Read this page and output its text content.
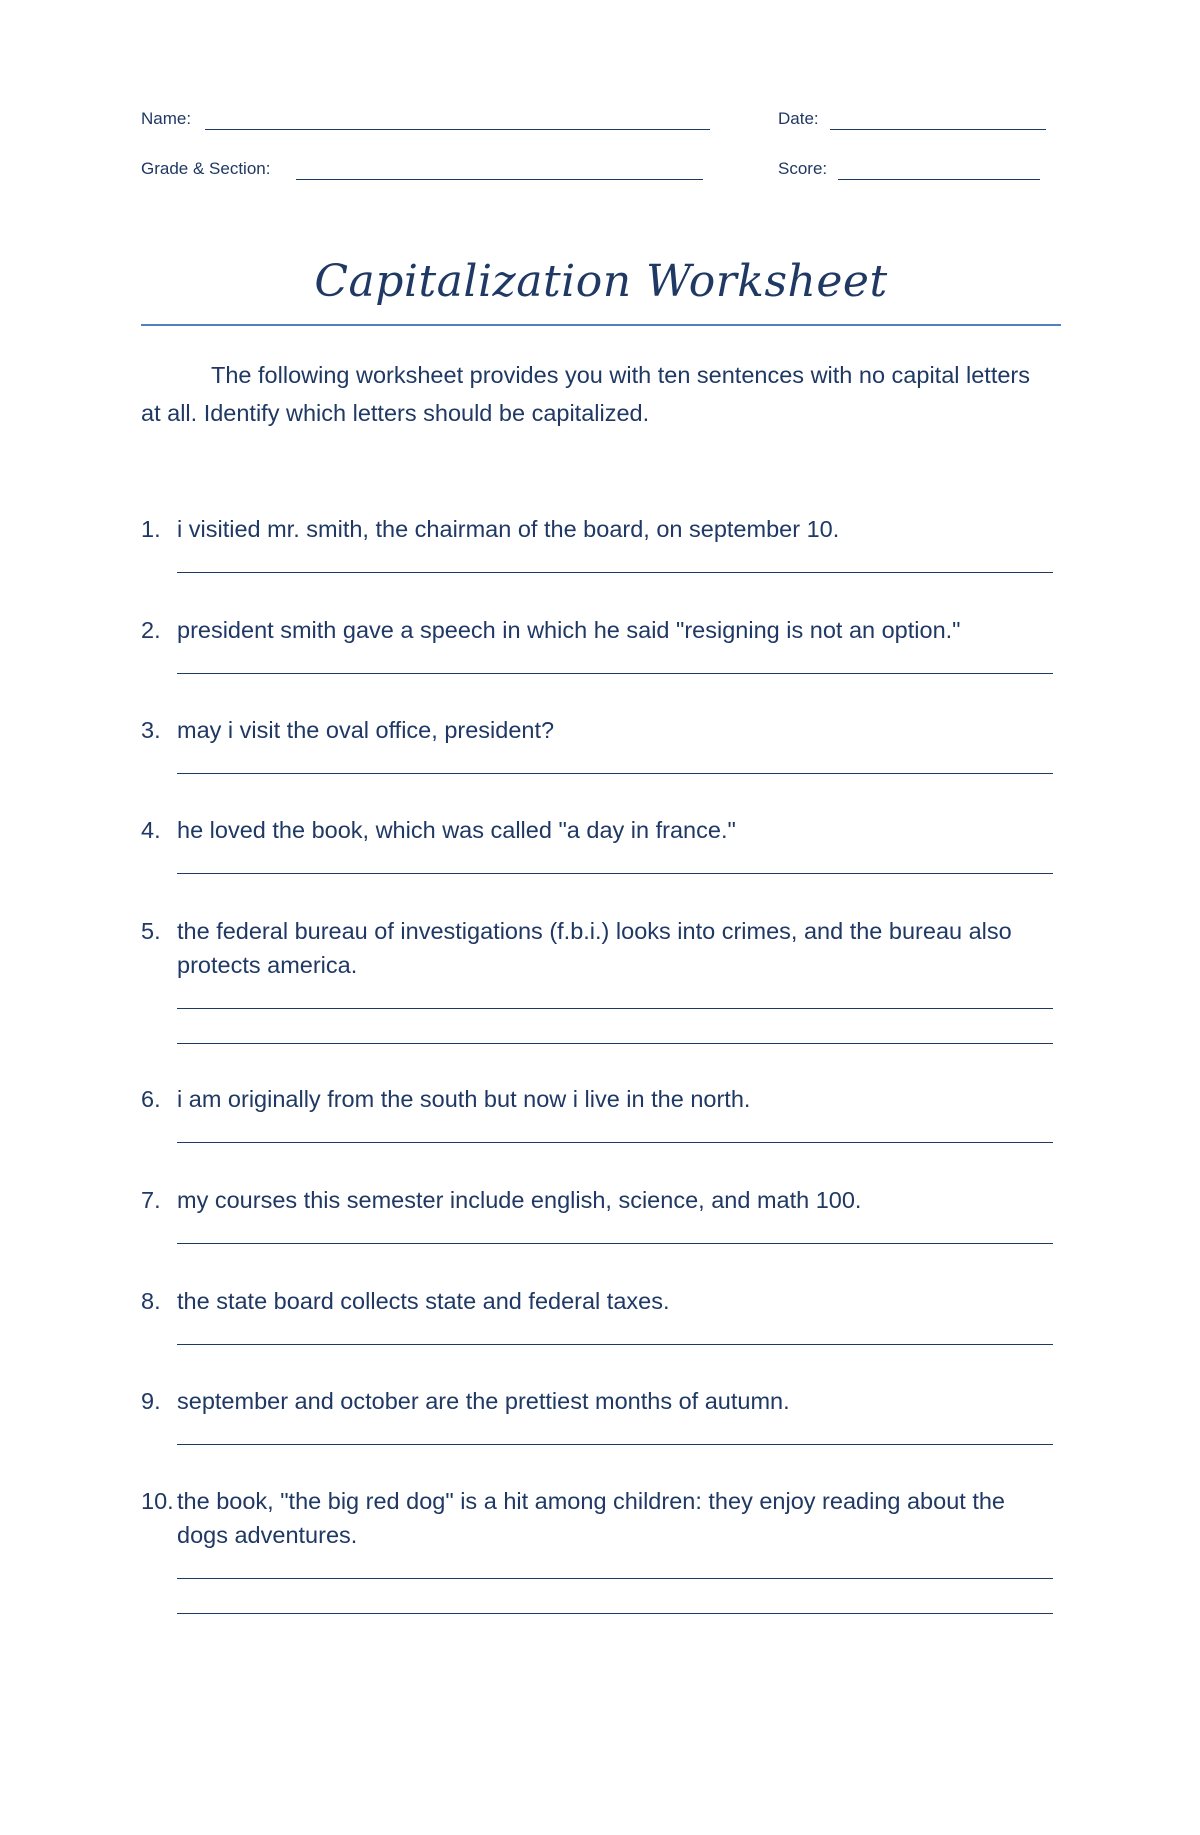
Name:	Date:
Grade & Section:	Score:
Capitalization Worksheet
The following worksheet provides you with ten sentences with no capital letters at all. Identify which letters should be capitalized.
1. i visitied mr. smith, the chairman of the board, on september 10.
2. president smith gave a speech in which he said "resigning is not an option."
3. may i visit the oval office, president?
4. he loved the book, which was called "a day in france."
5. the federal bureau of investigations (f.b.i.) looks into crimes, and the bureau also protects america.
6. i am originally from the south but now i live in the north.
7. my courses this semester include english, science, and math 100.
8. the state board collects state and federal taxes.
9. september and october are the prettiest months of autumn.
10. the book, "the big red dog" is a hit among children: they enjoy reading about the dogs adventures.
